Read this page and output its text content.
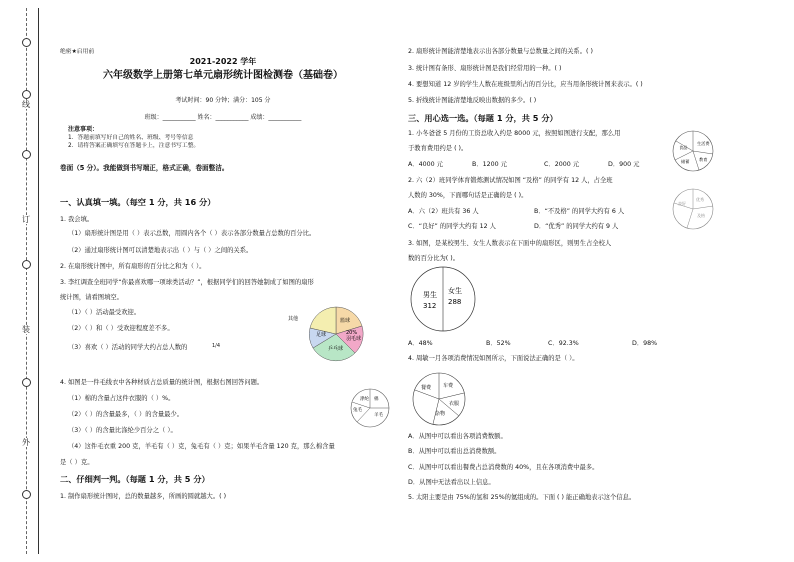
线
订
装
外
绝密★启用前
2021-2022 学年
六年级数学上册第七单元扇形统计图检测卷（基础卷）
考试时间：90 分钟；满分：105 分
班级：___________ 姓名：___________ 成绩：___________
注意事项：
1．答题前填写好自己的姓名、班级、考号等信息
2．请将答案正确填写在答题卡上，注意书写工整。
卷面（5 分）。我能做到书写端正，格式正确，卷面整洁。
一、认真填一填。（每空 1 分，共 16 分）
1. 我会填。
（1）扇形统计图是用（ ）表示总数，用圆内各个（ ）表示各部分数量占总数的百分比。
（2）通过扇形统计图可以清楚地表示出（ ）与（ ）之间的关系。
2. 在扇形统计图中，所有扇形的百分比之和为（ ）。
3. 李红调查全班同学“你最喜欢哪一项球类活动？”，根据同学们的回答她制成了如图的扇形
统计图，请看图填空。
（1）（ ）活动最受欢迎。
（2）（ ）和（ ）受欢迎程度差不多。
（3）喜欢（ ）活动的同学大约占总人数的	1/4
篮球
20%
羽毛球
乒乓球
足球
其他
4. 如图是一件毛线衣中各种材质占总质量的统计图，根据右图回答问题。
（1）棉的含量占这件衣服的（ ）%。
（2）（ ）的含量最多，（ ）的含量最少。
（3）（ ）的含量比涤纶少百分之（ ）。
（4）这件毛衣重 200 克，羊毛有（ ）克，兔毛有（ ）克；如果羊毛含量 120 克，那么棉含量
是（ ）克。
涤纶
羊毛
棉
兔毛
二、仔细判一判。（每题 1 分，共 5 分）
1. 制作扇形统计图时，总的数量越多，所画的圆就越大。( )
2. 扇形统计图能清楚地表示出各部分数量与总数量之间的关系。( )
3. 统计图有条形、扇形统计图是我们经常用的一种。( )
4. 要想知道 12 岁的学生人数在班级里所占的百分比，应当用条形统计图来表示。( )
5. 折线统计图能清楚地反映出数据的多少。( )
三、用心选一选。（每题 1 分，共 5 分）
1. 小冬爸爸 5 月份的工资总收入约是 8000 元，按照如图进行支配，那么用
于教育费用约是 ( )。
A．4000 元	B．1200 元	C．2000 元	D．900 元
生活费
食品
教育
储蓄
2. 六（2）班同学体育锻炼测试情况如图 “及格” 的同学有 12 人，占全班
人数的 30%，下面哪句话是正确的是 ( )。
A．六（2）班共有 36 人	B．“不及格” 的同学大约有 6 人
C．“良好” 的同学大约有 12 人	D．“优秀” 的同学大约有 9 人
优秀
及格
良好
3. 如图，是某校男生、女生人数表示在下面中的扇形区，则男生占全校人
数的百分比为( )。
男生
312
女生
288
A．48%	B．52%	C．92.3%	D．98%
4. 周敏一月各项消费情况如图所示，下面说法正确的是（ ）。
餐费 车费
衣服
杂物
A．从图中可以看出各项消费数额。
B．从图中可以看出总消费数额。
C．从图中可以看出餐费占总消费数的 40%，且在各项消费中最多。
D．从图中无法看出以上信息。
5. 太阳主要是由 75%的氢和 25%的氦组成的。下面 ( ) 能正确地表示这个信息。
